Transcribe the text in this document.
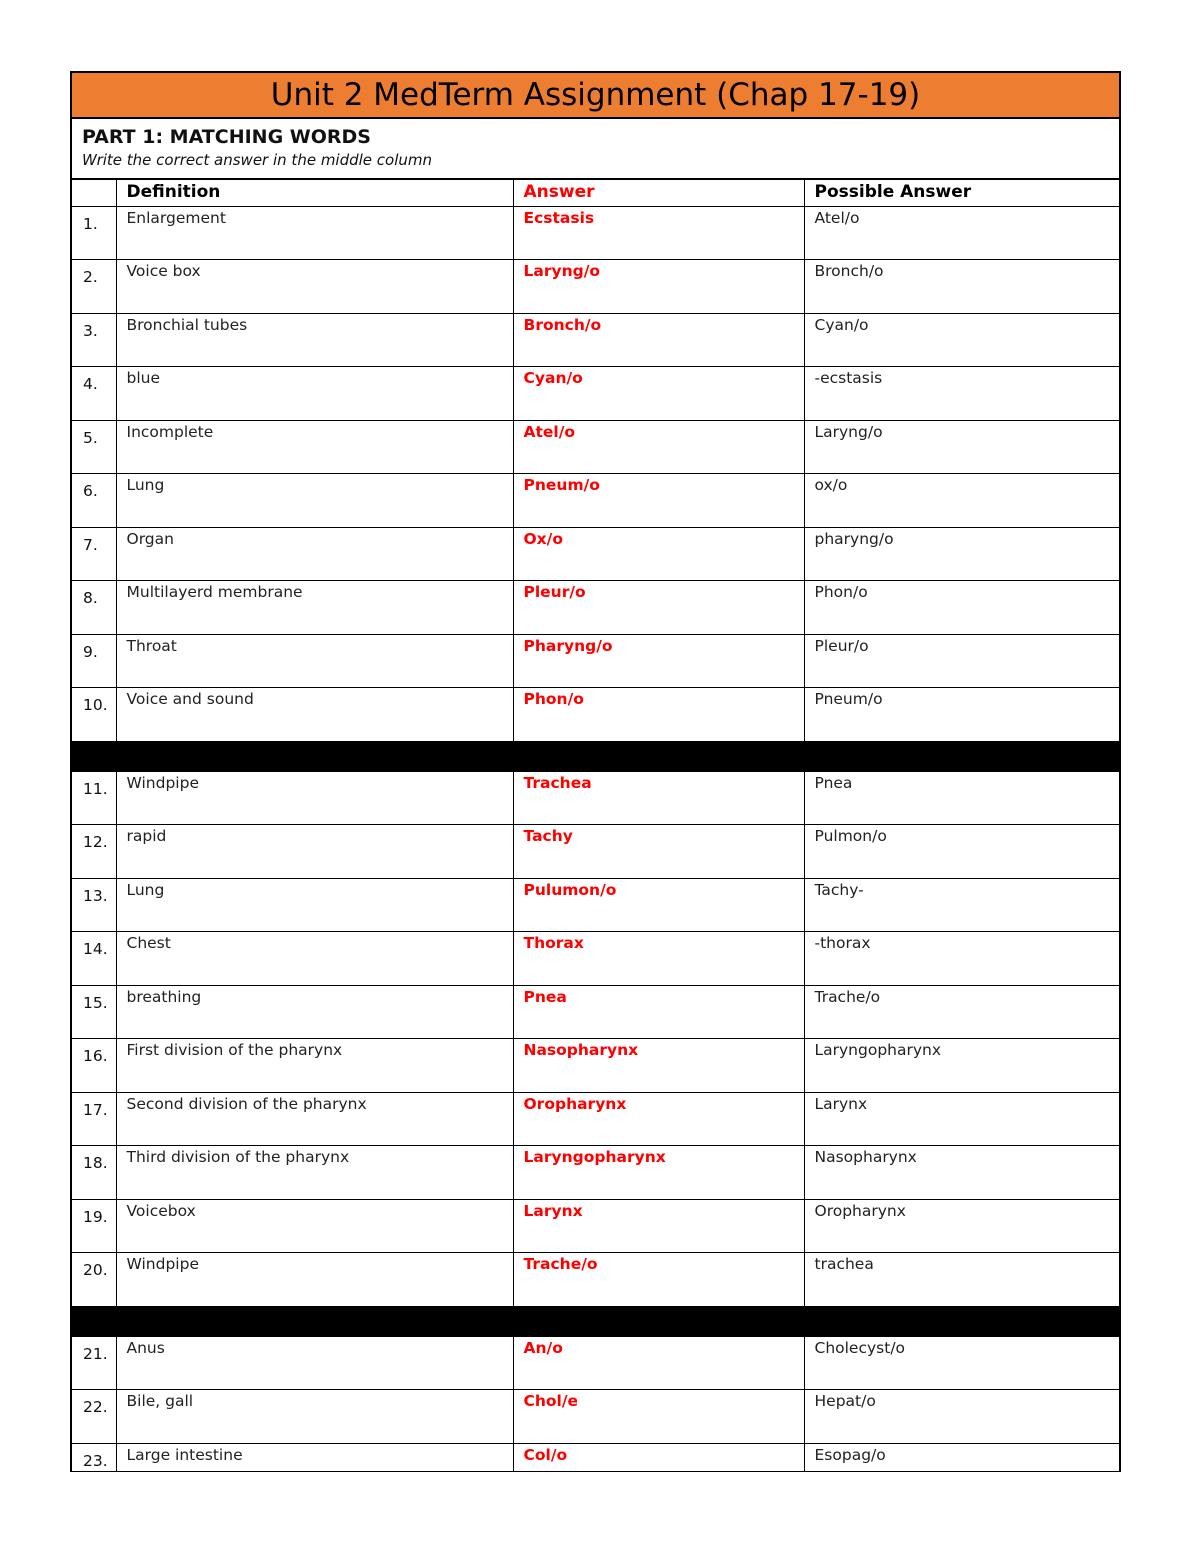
Unit 2 MedTerm Assignment (Chap 17-19)
PART 1: MATCHING WORDS
Write the correct answer in the middle column
	Definition	Answer	Possible Answer
1.	Enlargement	Ecstasis	Atel/o
2.	Voice box	Laryng/o	Bronch/o
3.	Bronchial tubes	Bronch/o	Cyan/o
4.	blue	Cyan/o	-ecstasis
5.	Incomplete	Atel/o	Laryng/o
6.	Lung	Pneum/o	ox/o
7.	Organ	Ox/o	pharyng/o
8.	Multilayerd membrane	Pleur/o	Phon/o
9.	Throat	Pharyng/o	Pleur/o
10.	Voice and sound	Phon/o	Pneum/o

11.	Windpipe	Trachea	Pnea
12.	rapid	Tachy	Pulmon/o
13.	Lung	Pulumon/o	Tachy-
14.	Chest	Thorax	-thorax
15.	breathing	Pnea	Trache/o
16.	First division of the pharynx	Nasopharynx	Laryngopharynx
17.	Second division of the pharynx	Oropharynx	Larynx
18.	Third division of the pharynx	Laryngopharynx	Nasopharynx
19.	Voicebox	Larynx	Oropharynx
20.	Windpipe	Trache/o	trachea

21.	Anus	An/o	Cholecyst/o
22.	Bile, gall	Chol/e	Hepat/o
23.	Large intestine	Col/o	Esopag/o
